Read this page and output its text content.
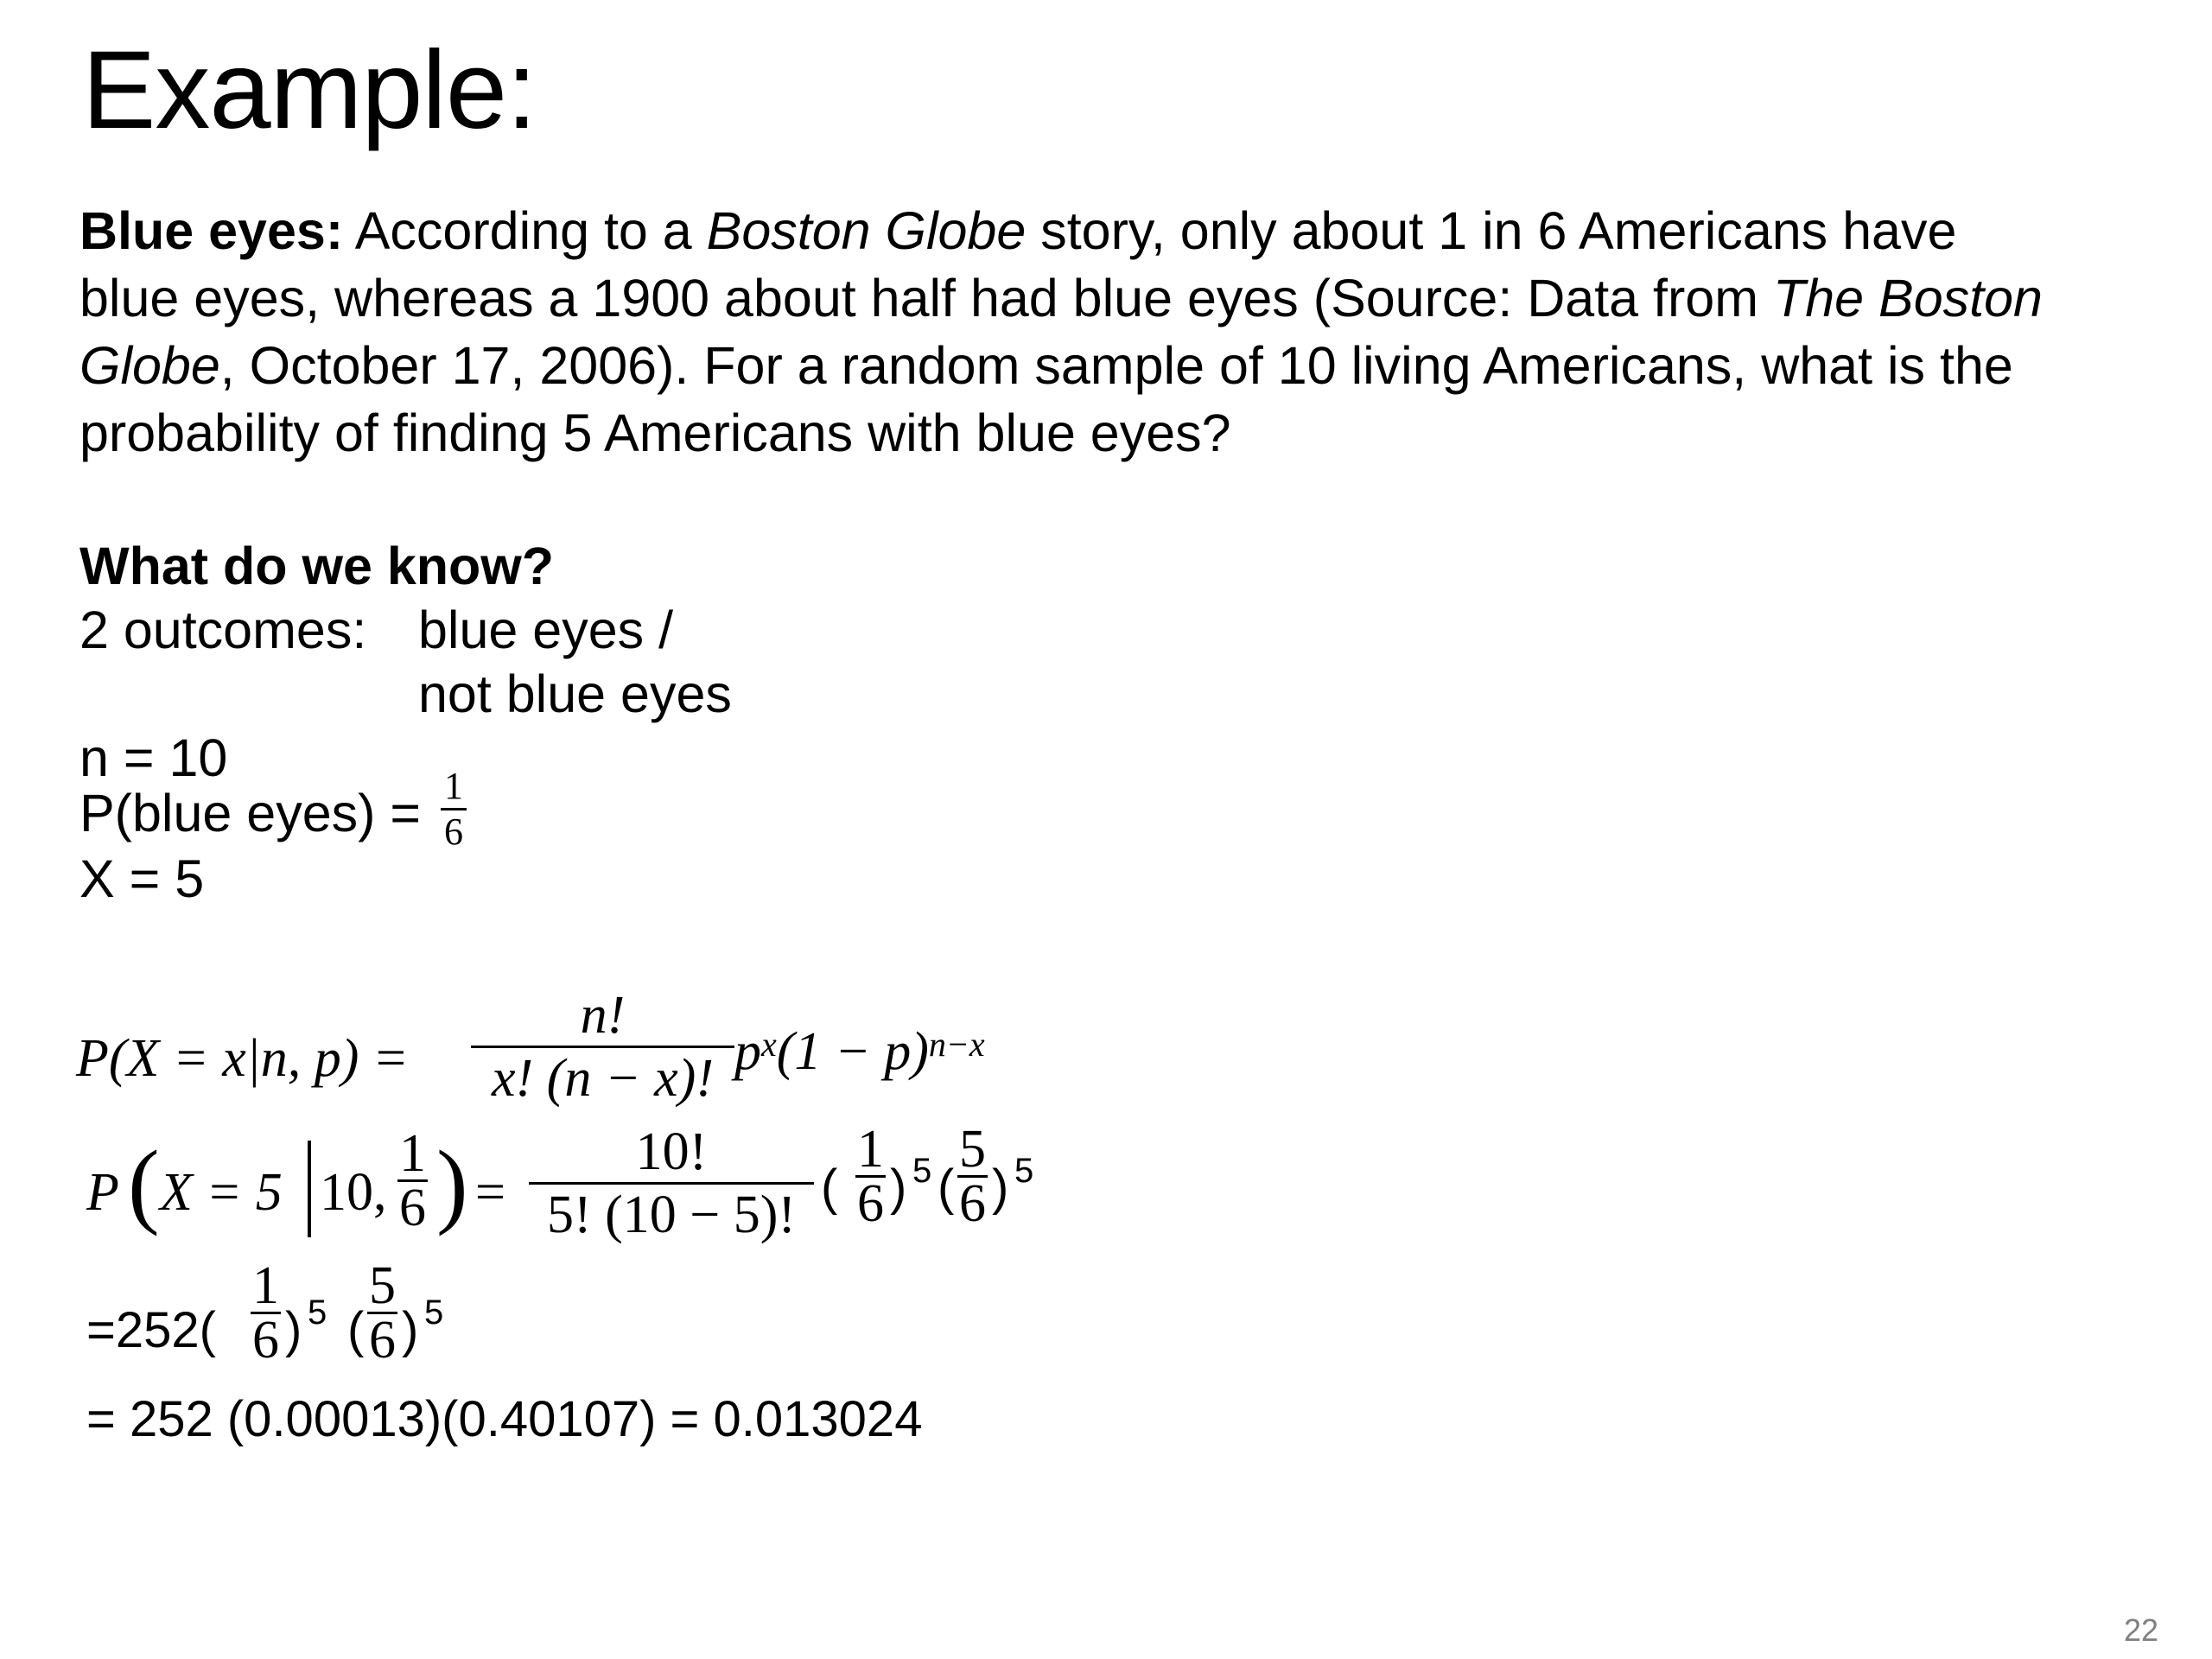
Example:
Blue eyes: According to a Boston Globe story, only about 1 in 6 Americans have
blue eyes, whereas a 1900 about half had blue eyes (Source: Data from The Boston
Globe, October 17, 2006). For a random sample of 10 living Americans, what is the
probability of finding 5 Americans with blue eyes?
What do we know?
2 outcomes: blue eyes /
not blue eyes
n = 10
P(blue eyes) = 1
6
X = 5
P(X = x|n, p) =
n!
x! (n − x)! $p^x(1 - p)^{n-x}$
P ( X = 5 10,
1
6 ) =
10!
5! (10 − 5)! (
1
6 ) 5 (
5
6 ) 5
=252(
1
6 ) 5 (
5
6 ) 5
= 252 (0.00013)(0.40107) = 0.013024
22
